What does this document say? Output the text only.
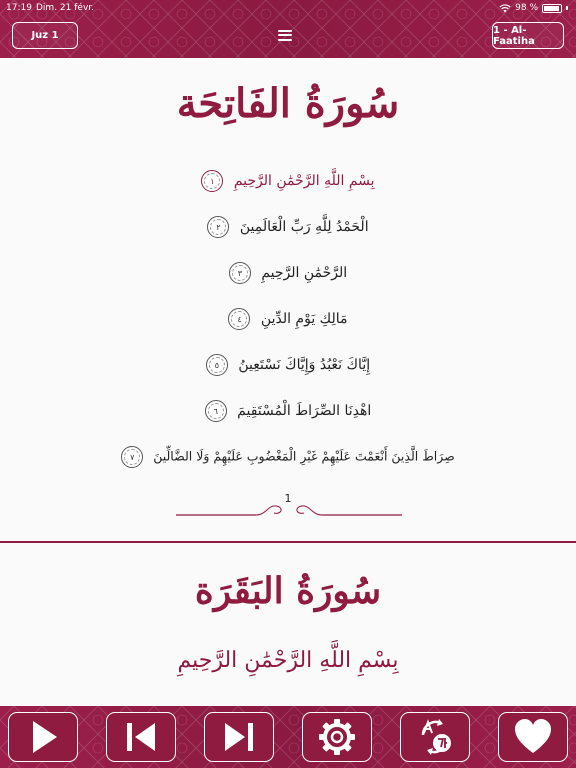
17:19 Dim. 21 févr.	98 %
Juz 1	1 - Al-Faatiha
سُورَةُ الفَاتِحَة
بِسْمِ اللَّهِ الرَّحْمَٰنِ الرَّحِيمِ ١
الْحَمْدُ لِلَّهِ رَبِّ الْعَالَمِينَ ٢
الرَّحْمَٰنِ الرَّحِيمِ ٣
مَالِكِ يَوْمِ الدِّينِ ٤
إِيَّاكَ نَعْبُدُ وَإِيَّاكَ نَسْتَعِينُ ٥
اهْدِنَا الصِّرَاطَ الْمُسْتَقِيمَ ٦
صِرَاطَ الَّذِينَ أَنْعَمْتَ عَلَيْهِمْ غَيْرِ الْمَغْضُوبِ عَلَيْهِمْ وَلَا الضَّالِّينَ ٧
1
سُورَةُ البَقَرَة
بِسْمِ اللَّهِ الرَّحْمَٰنِ الرَّحِيمِ
